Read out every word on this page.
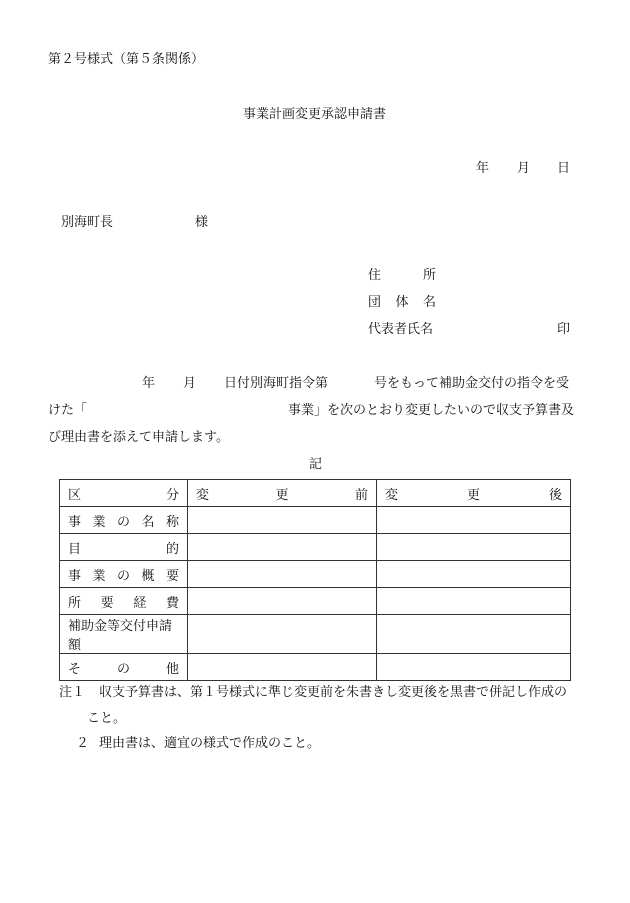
第２号様式（第５条関係）
事業計画変更承認申請書
年 月 日
別海町長	様
住	所
団 体 名
代表者氏名	印
年 月 日付別海町指令第	号をもって補助金交付の指令を受
けた「	事業」を次のとおり変更したいので収支予算書及
び理由書を添えて申請します。
記
区 分	変 更 前	変 更 後

事 業 の 名 称		

目 的		

事 業 の 概 要		

所 要 経 費		

補助金等交付申請額		

そ の 他		

注１ 収支予算書は、第１号様式に準じ変更前を朱書きし変更後を黒書で併記し作成の
こと。
２ 理由書は、適宜の様式で作成のこと。
